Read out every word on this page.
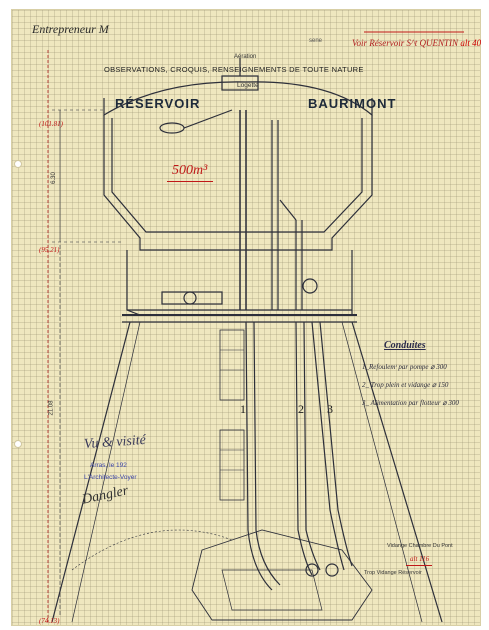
Entrepreneur M
sene	Voir Réservoir S^t QUENTIN alt 40
Aération
OBSERVATIONS, CROQUIS, RENSEIGNEMENTS DE TOUTE NATURE
Logette
RÉSERVOIR	BAURIMONT
500m³
(101.81)
(95.21)
(74.13)
6.30
21.08
Conduites
1_Refoulemᵗ par pompe ⌀ 300
2_ Trop plein et vidange ⌀ 150
3_ Alimentation par flotteur ⌀ 300
1	2 3
Vu & visité
Arras, le 192
L'Architecte-Voyer
Dangler
Vidange Chambre Du Pont
alt 116
Trop Vidange Réservoir
